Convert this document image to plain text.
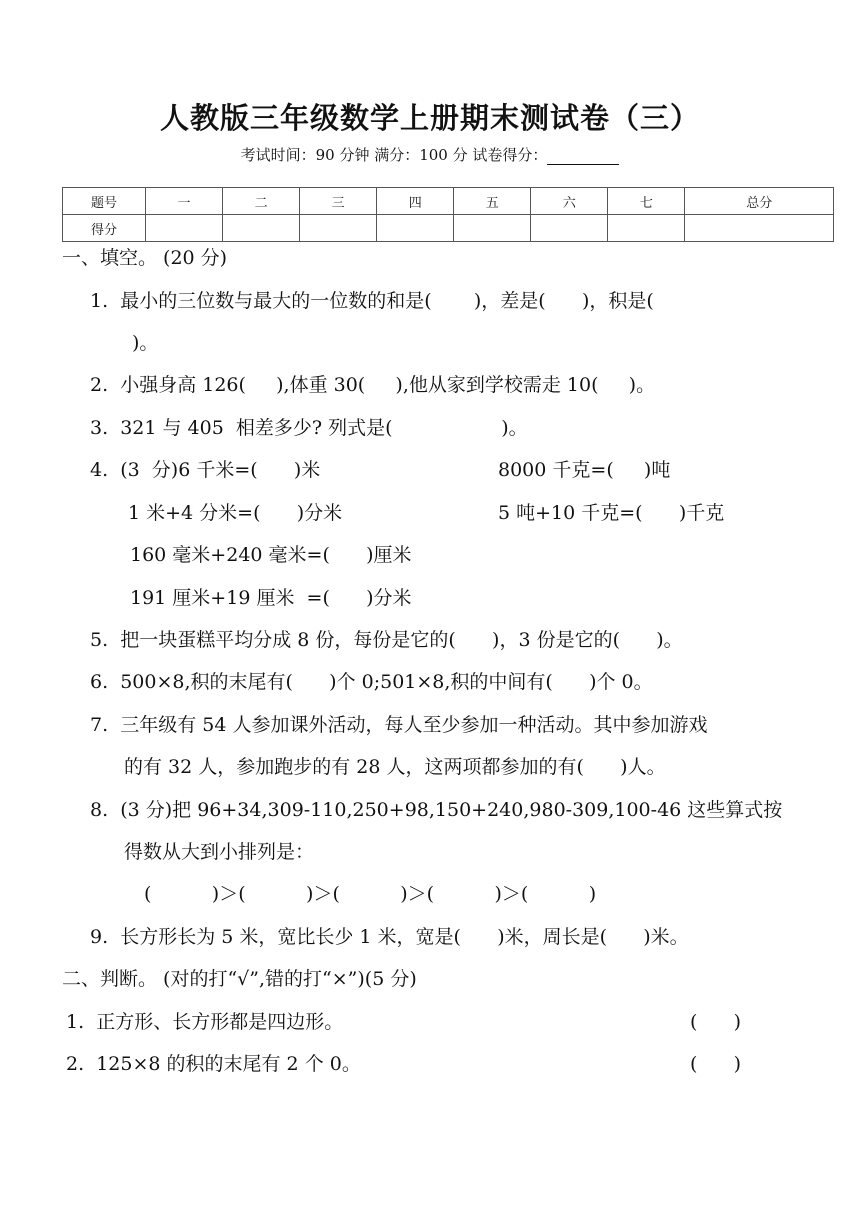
人教版三年级数学上册期末测试卷（三）
考试时间：90 分钟 满分：100 分 试卷得分：
题号	一	二	三	四	五	六	七	总分
得分								
一、填空。 (20 分)
1.  最小的三位数与最大的一位数的和是(       )，差是(      )，积是(
)。
2.  小强身高 126(     ),体重 30(     ),他从家到学校需走 10(     )。
3.  321 与 405  相差多少? 列式是(                  )。
4.  (3  分)6 千米=(      )米	8000 千克=(     )吨
1 米+4 分米=(      )分米	5 吨+10 千克=(      )千克
160 毫米+240 毫米=(      )厘米
191 厘米+19 厘米  =(      )分米
5.  把一块蛋糕平均分成 8 份，每份是它的(      )，3 份是它的(      )。
6.  500×8,积的末尾有(      )个 0;501×8,积的中间有(      )个 0。
7.  三年级有 54 人参加课外活动，每人至少参加一种活动。其中参加游戏
的有 32 人，参加跑步的有 28 人，这两项都参加的有(      )人。
8.  (3 分)把 96+34,309-110,250+98,150+240,980-309,100-46 这些算式按
得数从大到小排列是：
(          )＞(          )＞(          )＞(          )＞(          )
9.  长方形长为 5 米，宽比长少 1 米，宽是(      )米，周长是(      )米。
二、判断。 (对的打“√”,错的打“×”)(5 分)
1.  正方形、长方形都是四边形。	(      )
2.  125×8 的积的末尾有 2 个 0。	(      )
